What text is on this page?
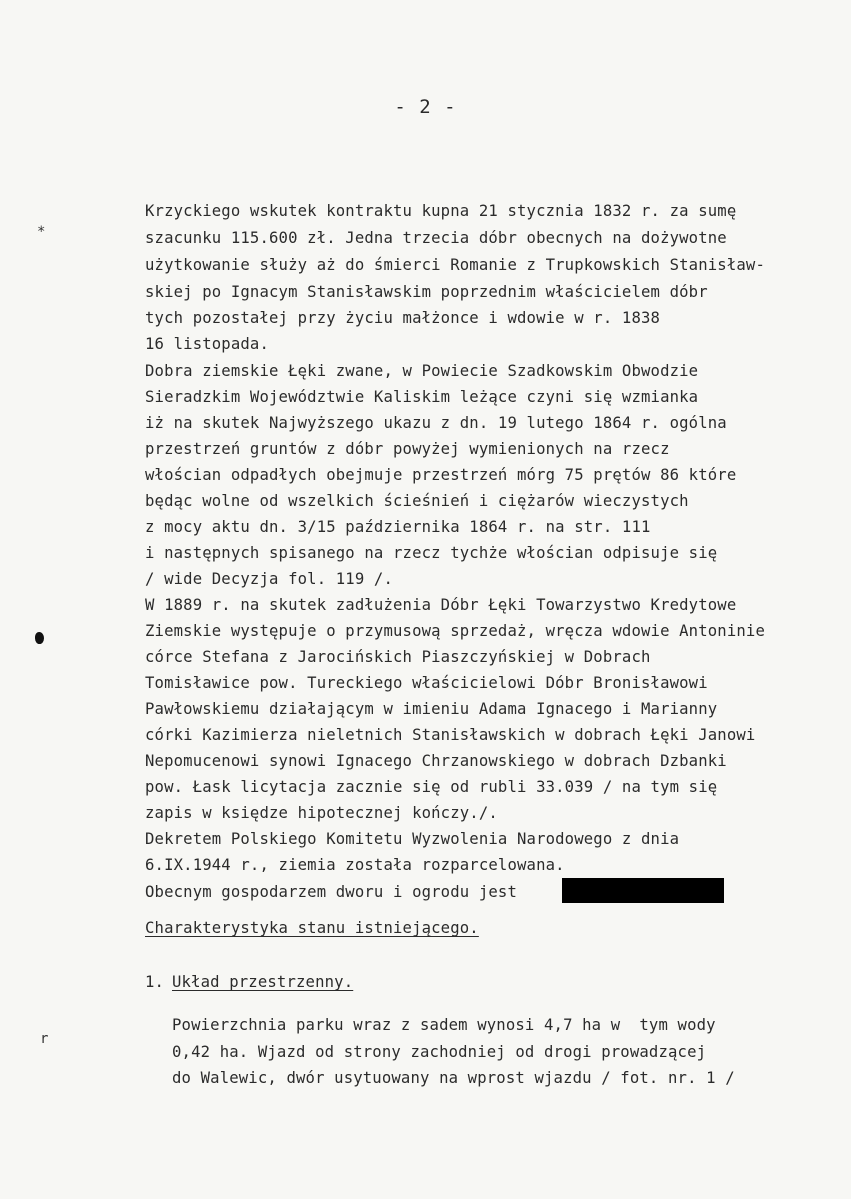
- 2 -
Krzyckiego wskutek kontraktu kupna 21 stycznia 1832 r. za sumę
szacunku 115.600 zł. Jedna trzecia dóbr obecnych na dożywotne
użytkowanie służy aż do śmierci Romanie z Trupkowskich Stanisław-
skiej po Ignacym Stanisławskim poprzednim właścicielem dóbr
tych pozostałej przy życiu małżonce i wdowie w r. 1838
16 listopada.
Dobra ziemskie Łęki zwane, w Powiecie Szadkowskim Obwodzie
Sieradzkim Województwie Kaliskim leżące czyni się wzmianka
iż na skutek Najwyższego ukazu z dn. 19 lutego 1864 r. ogólna
przestrzeń gruntów z dóbr powyżej wymienionych na rzecz
włościan odpadłych obejmuje przestrzeń mórg 75 prętów 86 które
będąc wolne od wszelkich ścieśnień i ciężarów wieczystych
z mocy aktu dn. 3/15 października 1864 r. na str. 111
i następnych spisanego na rzecz tychże włościan odpisuje się
/ wide Decyzja fol. 119 /.
W 1889 r. na skutek zadłużenia Dóbr Łęki Towarzystwo Kredytowe
Ziemskie występuje o przymusową sprzedaż, wręcza wdowie Antoninie
córce Stefana z Jarocińskich Piaszczyńskiej w Dobrach
Tomisławice pow. Tureckiego właścicielowi Dóbr Bronisławowi
Pawłowskiemu działającym w imieniu Adama Ignacego i Marianny
córki Kazimierza nieletnich Stanisławskich w dobrach Łęki Janowi
Nepomucenowi synowi Ignacego Chrzanowskiego w dobrach Dzbanki
pow. Łask licytacja zacznie się od rubli 33.039 / na tym się
zapis w księdze hipotecznej kończy./.
Dekretem Polskiego Komitetu Wyzwolenia Narodowego z dnia
6.IX.1944 r., ziemia została rozparcelowana.
Obecnym gospodarzem dworu i ogrodu jest
Charakterystyka stanu istniejącego.
1. Układ przestrzenny.
Powierzchnia parku wraz z sadem wynosi 4,7 ha w  tym wody
0,42 ha. Wjazd od strony zachodniej od drogi prowadzącej
do Walewic, dwór usytuowany na wprost wjazdu / fot. nr. 1 /
*
r
